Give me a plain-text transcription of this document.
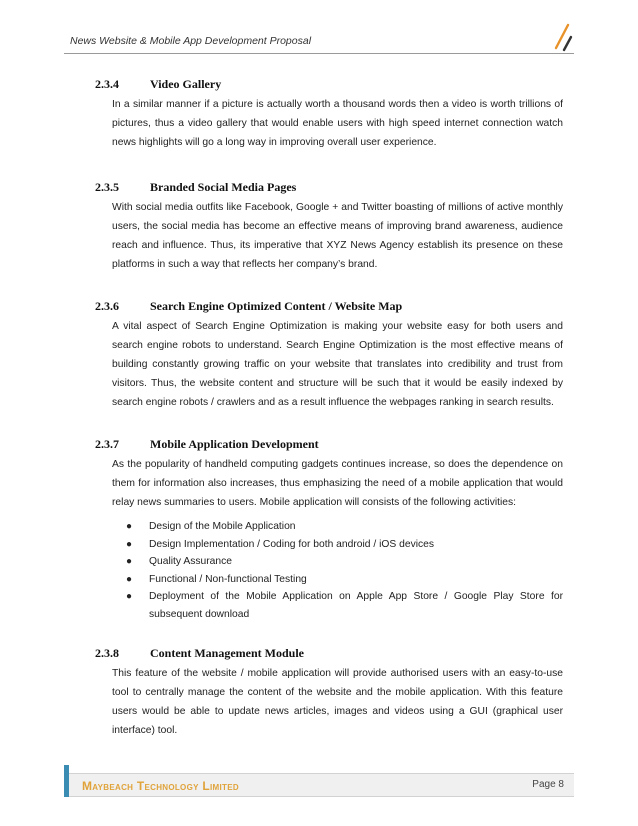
News Website & Mobile App Development Proposal
2.3.4	Video Gallery
In a similar manner if a picture is actually worth a thousand words then a video is worth trillions of pictures, thus a video gallery that would enable users with high speed internet connection watch news highlights will go a long way in improving overall user experience.
2.3.5	Branded Social Media Pages
With social media outfits like Facebook, Google + and Twitter boasting of millions of active monthly users, the social media has become an effective means of improving brand awareness, audience reach and influence. Thus, its imperative that XYZ News Agency establish its presence on these platforms in such a way that reflects her company’s brand.
2.3.6	Search Engine Optimized Content / Website Map
A vital aspect of Search Engine Optimization is making your website easy for both users and search engine robots to understand. Search Engine Optimization is the most effective means of building constantly growing traffic on your website that translates into credibility and trust from visitors. Thus, the website content and structure will be such that it would be easily indexed by search engine robots / crawlers and as a result influence the webpages ranking in search results.
2.3.7	Mobile Application Development
As the popularity of handheld computing gadgets continues increase, so does the dependence on them for information also increases, thus emphasizing the need of a mobile application that would relay news summaries to users. Mobile application will consists of the following activities:
● Design of the Mobile Application
● Design Implementation / Coding for both android / iOS devices
● Quality Assurance
● Functional / Non-functional Testing
● Deployment of the Mobile Application on Apple App Store / Google Play Store for subsequent download
2.3.8	Content Management Module
This feature of the website / mobile application will provide authorised users with an easy-to-use tool to centrally manage the content of the website and the mobile application. With this feature users would be able to update news articles, images and videos using a GUI (graphical user interface) tool.
Maybeach Technology Limited	Page 8
